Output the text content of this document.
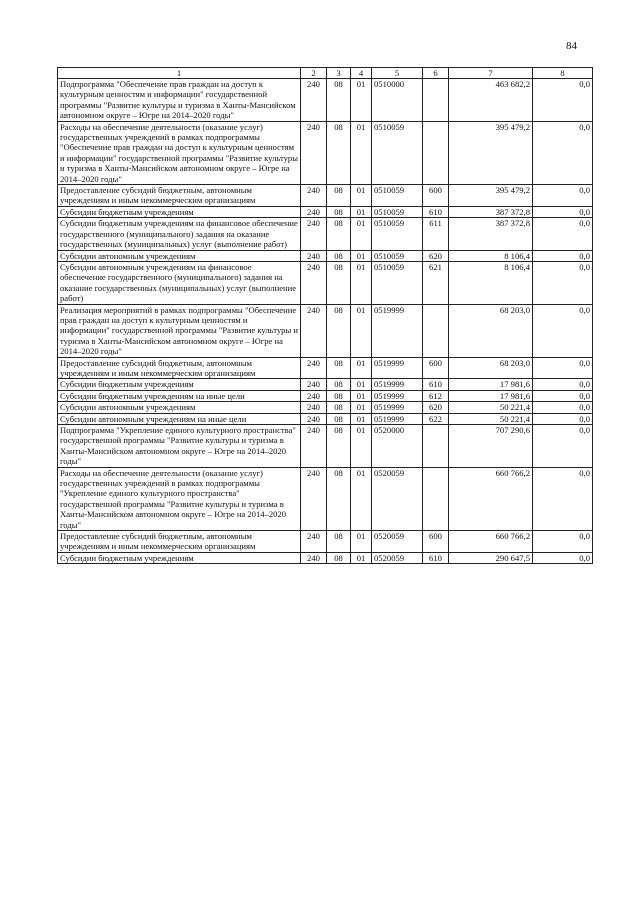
84
1	2	3	4	5	6	7	8
Подпрограмма "Обеспечение прав граждан на доступ к культурным ценностям и информации" государственной программы "Развитие культуры и туризма в Ханты-Мансийском автономном округе – Югре на 2014–2020 годы"	240	08	01	0510000		463 682,2	0,0
Расходы на обеспечение деятельности (оказание услуг) государственных учреждений в рамках подпрограммы "Обеспечение прав граждан на доступ к культурным ценностям и информации" государственной программы "Развитие культуры и туризма в Ханты-Мансийском автономном округе – Югре на 2014–2020 годы"	240	08	01	0510059		395 479,2	0,0
Предоставление субсидий бюджетным, автономным учреждениям и иным некоммерческим организациям	240	08	01	0510059	600	395 479,2	0,0
Субсидии бюджетным учреждениям	240	08	01	0510059	610	387 372,8	0,0
Субсидии бюджетным учреждениям на финансовое обеспечение государственного (муниципального) задания на оказание государственных (муниципальных) услуг (выполнение работ)	240	08	01	0510059	611	387 372,8	0,0
Субсидии автономным учреждениям	240	08	01	0510059	620	8 106,4	0,0
Субсидии автономным учреждениям на финансовое обеспечение государственного (муниципального) задания на оказание государственных (муниципальных) услуг (выполнение работ)	240	08	01	0510059	621	8 106,4	0,0
Реализация мероприятий в рамках подпрограммы "Обеспечение прав граждан на доступ к культурным ценностям и информации" государственной программы "Развитие культуры и туризма в Ханты-Мансийском автономном округе – Югре на 2014–2020 годы"	240	08	01	0519999		68 203,0	0,0
Предоставление субсидий бюджетным, автономным учреждениям и иным некоммерческим организациям	240	08	01	0519999	600	68 203,0	0,0
Субсидии бюджетным учреждениям	240	08	01	0519999	610	17 981,6	0,0
Субсидии бюджетным учреждениям на иные цели	240	08	01	0519999	612	17 981,6	0,0
Субсидии автономным учреждениям	240	08	01	0519999	620	50 221,4	0,0
Субсидии автономным учреждениям на иные цели	240	08	01	0519999	622	50 221,4	0,0
Подпрограмма "Укрепление единого культурного пространства" государственной программы "Развитие культуры и туризма в Ханты-Мансийском автономном округе – Югре на 2014–2020 годы"	240	08	01	0520000		707 290,6	0,0
Расходы на обеспечение деятельности (оказание услуг) государственных учреждений в рамках подпрограммы "Укрепление единого культурного пространства" государственной программы "Развитие культуры и туризма в Ханты-Мансийском автономном округе – Югре на 2014–2020 годы"	240	08	01	0520059		660 766,2	0,0
Предоставление субсидий бюджетным, автономным учреждениям и иным некоммерческим организациям	240	08	01	0520059	600	660 766,2	0,0
Субсидии бюджетным учреждениям	240	08	01	0520059	610	290 647,5	0,0
